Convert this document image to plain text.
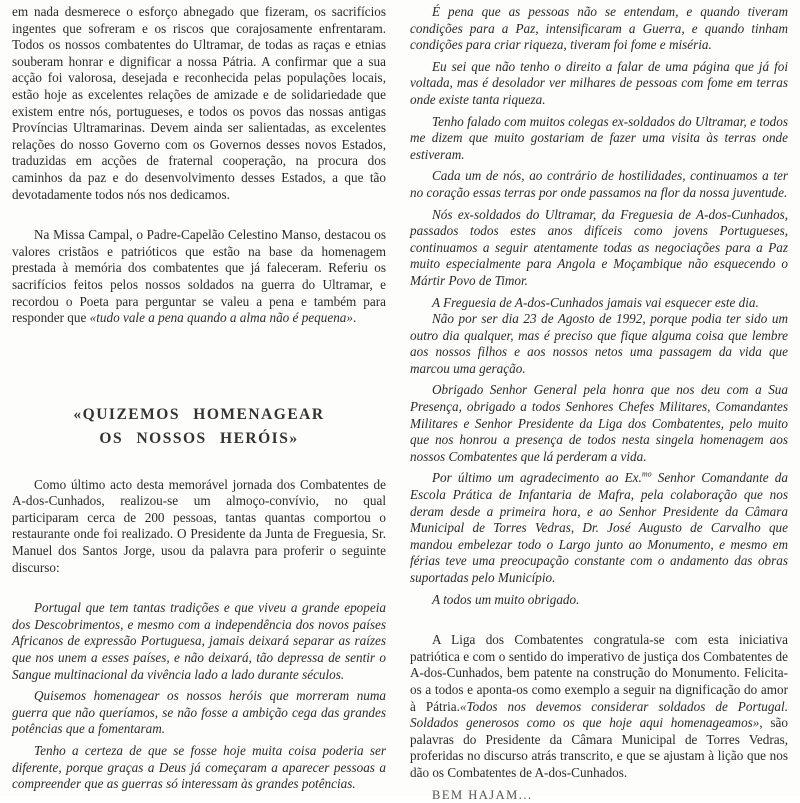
em nada desmerece o esforço abnegado que fizeram, os sacrifícios ingentes que sofreram e os riscos que corajosamente enfrentaram. Todos os nossos combatentes do Ultramar, de todas as raças e etnias souberam honrar e dignificar a nossa Pátria. A confirmar que a sua acção foi valorosa, desejada e reconhecida pelas populações locais, estão hoje as excelentes relações de amizade e de solidariedade que existem entre nós, portugueses, e todos os povos das nossas antigas Províncias Ultramarinas. Devem ainda ser salientadas, as excelentes relações do nosso Governo com os Governos desses novos Estados, traduzidas em acções de fraternal cooperação, na procura dos caminhos da paz e do desenvolvimento desses Estados, a que tão devotadamente todos nós nos dedicamos.

Na Missa Campal, o Padre-Capelão Celestino Manso, destacou os valores cristãos e patrióticos que estão na base da homenagem prestada à memória dos combatentes que já faleceram. Referiu os sacrifícios feitos pelos nossos soldados na guerra do Ultramar, e recordou o Poeta para perguntar se valeu a pena e também para responder que «tudo vale a pena quando a alma não é pequena».

«QUIZEMOS HOMENAGEAR
OS NOSSOS HERÓIS»

Como último acto desta memorável jornada dos Combatentes de A-dos-Cunhados, realizou-se um almoço-convívio, no qual participaram cerca de 200 pessoas, tantas quantas comportou o restaurante onde foi realizado. O Presidente da Junta de Freguesia, Sr. Manuel dos Santos Jorge, usou da palavra para proferir o seguinte discurso:

Portugal que tem tantas tradições e que viveu a grande epopeia dos Descobrimentos, e mesmo com a independência dos novos países Africanos de expressão Portuguesa, jamais deixará separar as raízes que nos unem a esses países, e não deixará, tão depressa de sentir o Sangue multinacional da vivência lado a lado durante séculos.

Quisemos homenagear os nossos heróis que morreram numa guerra que não queríamos, se não fosse a ambição cega das grandes potências que a fomentaram.

Tenho a certeza de que se fosse hoje muita coisa poderia ser diferente, porque graças a Deus já começaram a aparecer pessoas a compreender que as guerras só interessam às grandes potências.

É pena que as pessoas não se entendam, e quando tiveram condições para a Paz, intensificaram a Guerra, e quando tinham condições para criar riqueza, tiveram foi fome e miséria.

Eu sei que não tenho o direito a falar de uma página que já foi voltada, mas é desolador ver milhares de pessoas com fome em terras onde existe tanta riqueza.

Tenho falado com muitos colegas ex-soldados do Ultramar, e todos me dizem que muito gostariam de fazer uma visita às terras onde estiveram.

Cada um de nós, ao contrário de hostilidades, continuamos a ter no coração essas terras por onde passamos na flor da nossa juventude.

Nós ex-soldados do Ultramar, da Freguesia de A-dos-Cunhados, passados todos estes anos difíceis como jovens Portugueses, continuamos a seguir atentamente todas as negociações para a Paz muito especialmente para Angola e Moçambique não esquecendo o Mártir Povo de Timor.

A Freguesia de A-dos-Cunhados jamais vai esquecer este dia.

Não por ser dia 23 de Agosto de 1992, porque podia ter sido um outro dia qualquer, mas é preciso que fique alguma coisa que lembre aos nossos filhos e aos nossos netos uma passagem da vida que marcou uma geração.

Obrigado Senhor General pela honra que nos deu com a Sua Presença, obrigado a todos Senhores Chefes Militares, Comandantes Militares e Senhor Presidente da Liga dos Combatentes, pelo muito que nos honrou a presença de todos nesta singela homenagem aos nossos Combatentes que lá perderam a vida.

Por último um agradecimento ao Ex.$^{mo}$ Senhor Comandante da Escola Prática de Infantaria de Mafra, pela colaboração que nos deram desde a primeira hora, e ao Senhor Presidente da Câmara Municipal de Torres Vedras, Dr. José Augusto de Carvalho que mandou embelezar todo o Largo junto ao Monumento, e mesmo em férias teve uma preocupação constante com o andamento das obras suportadas pelo Município.

A todos um muito obrigado.

A Liga dos Combatentes congratula-se com esta iniciativa patriótica e com o sentido do imperativo de justiça dos Combatentes de A-dos-Cunhados, bem patente na construção do Monumento. Felicita-os a todos e aponta-os como exemplo a seguir na dignificação do amor à Pátria.«Todos nos devemos considerar soldados de Portugal. Soldados generosos como os que hoje aqui homenageamos», são palavras do Presidente da Câmara Municipal de Torres Vedras, proferidas no discurso atrás transcrito, e que se ajustam à lição que nos dão os Combatentes de A-dos-Cunhados.

BEM HAJAM...
